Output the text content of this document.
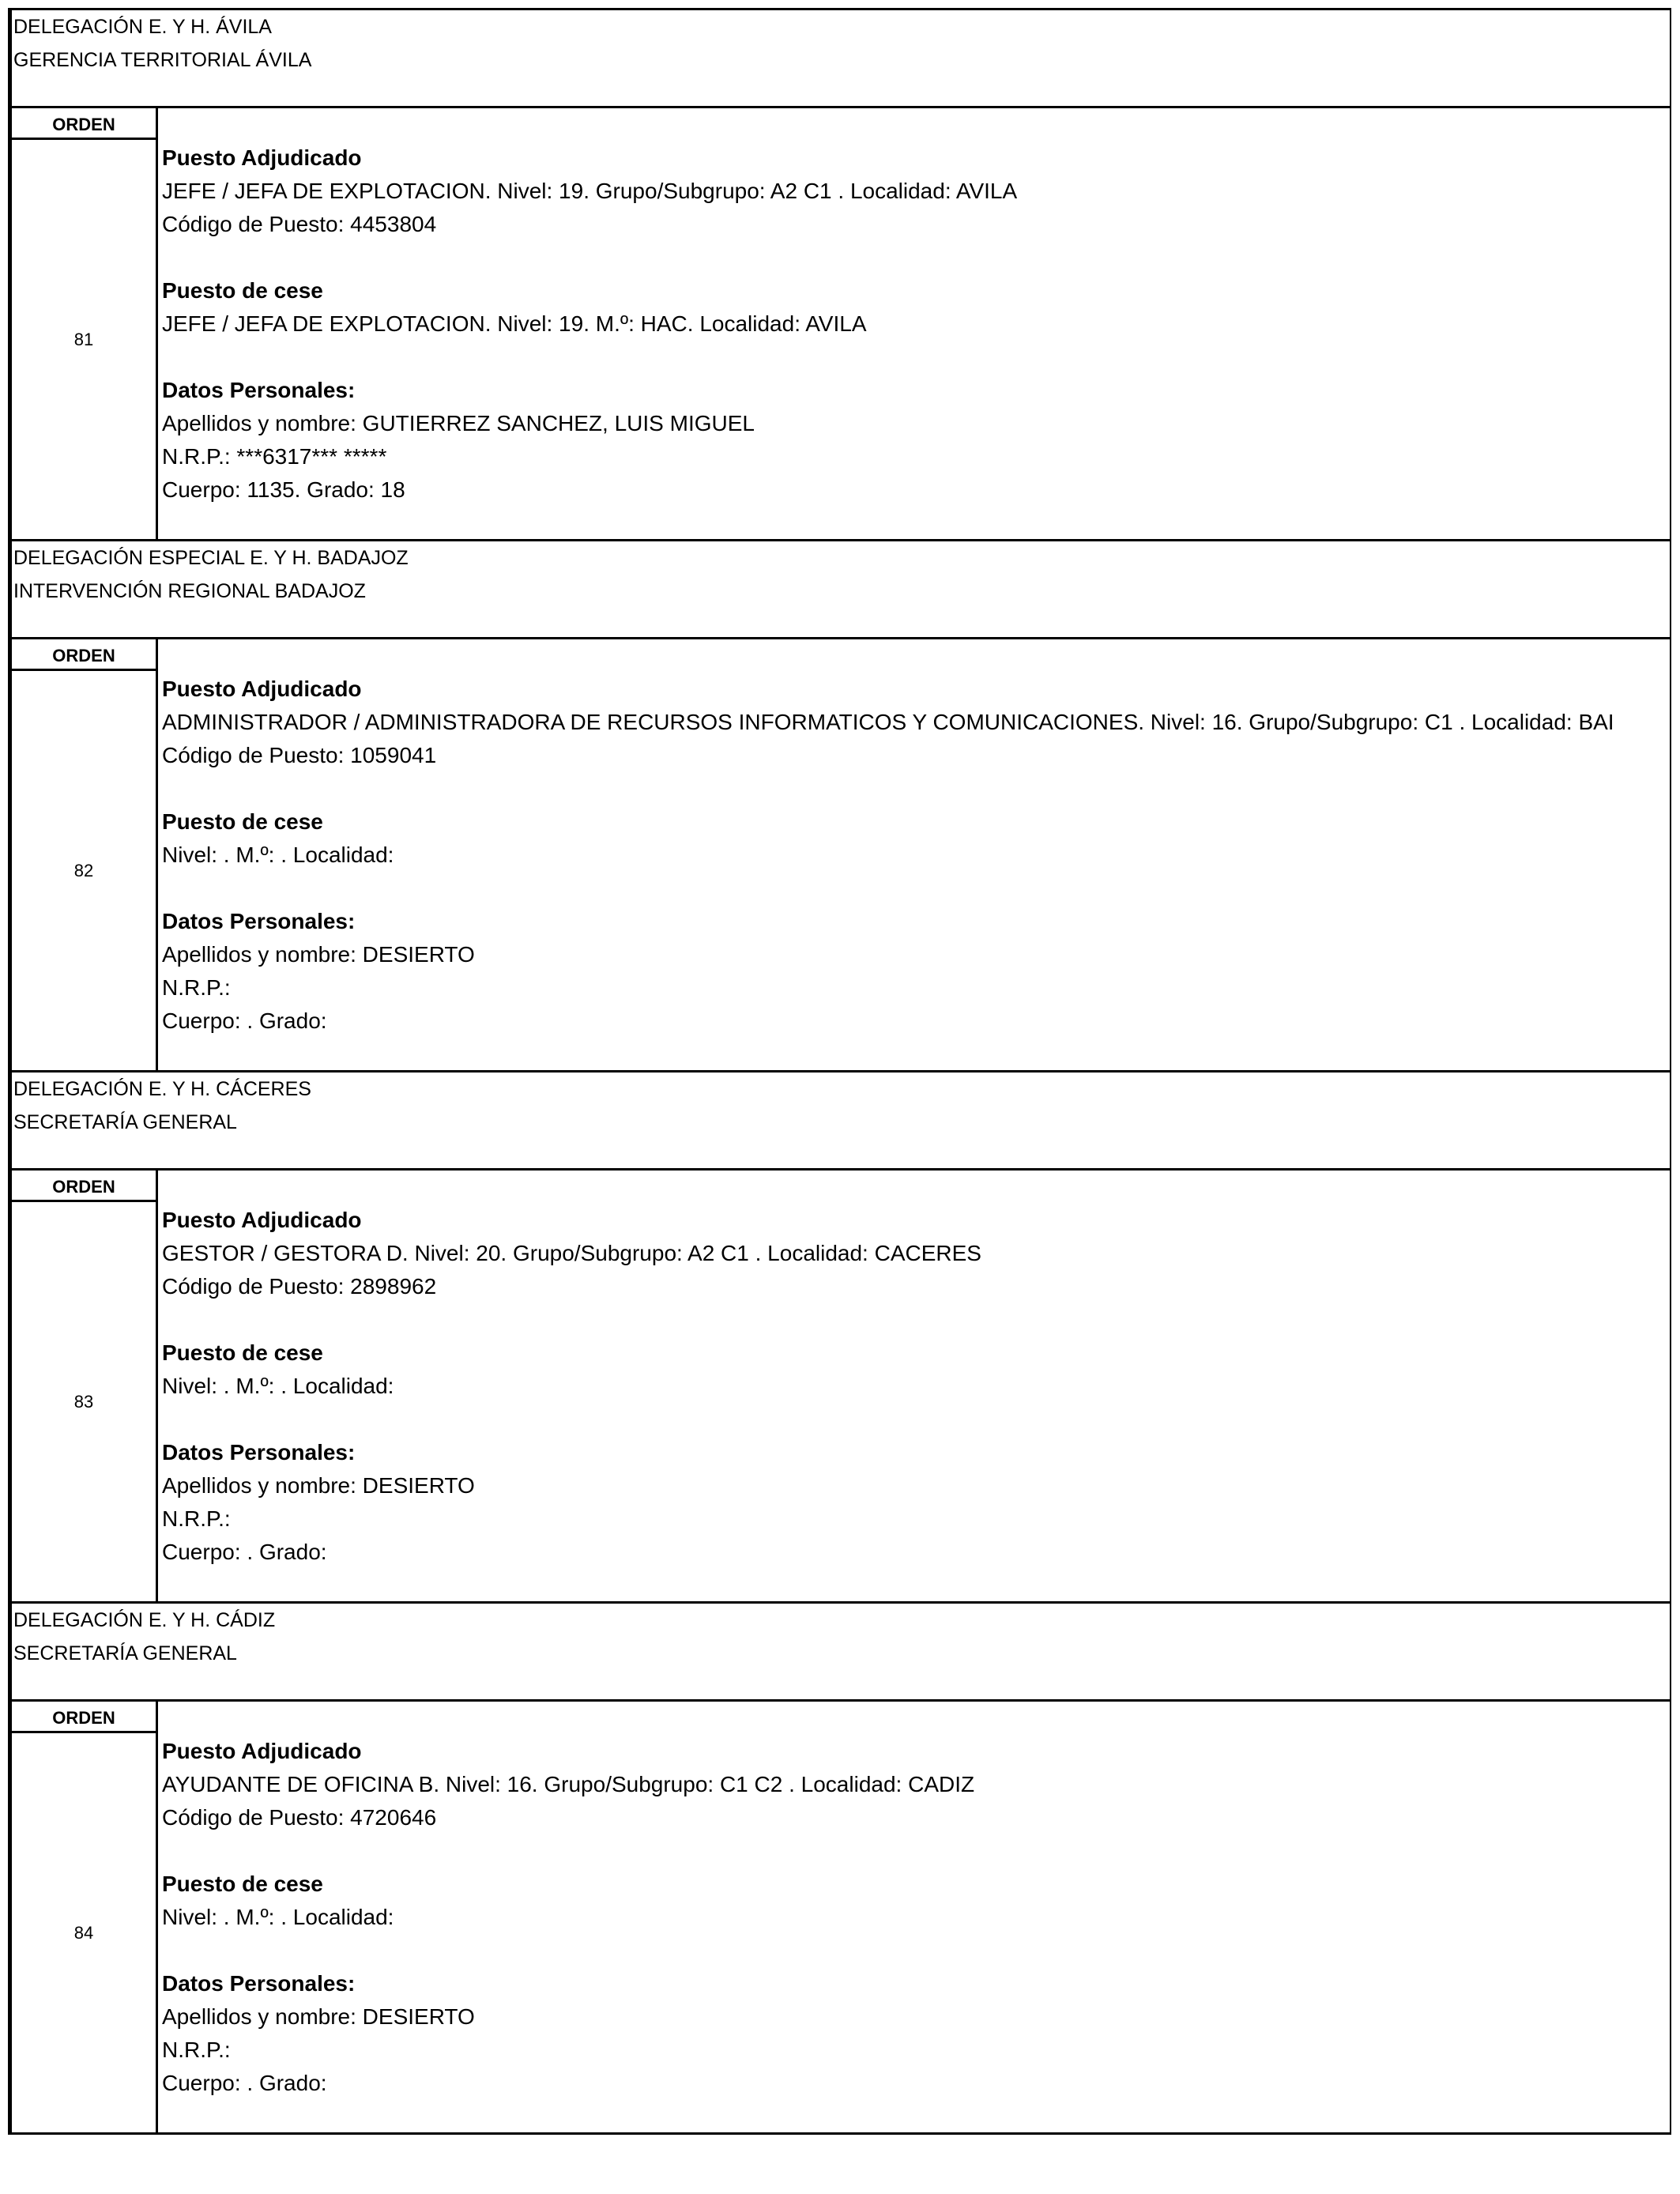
DELEGACIÓN E. Y H. ÁVILA
GERENCIA TERRITORIAL ÁVILA
ORDEN
81
Puesto Adjudicado
JEFE / JEFA DE EXPLOTACION. Nivel: 19. Grupo/Subgrupo: A2 C1 . Localidad: AVILA
Código de Puesto: 4453804
Puesto de cese
JEFE / JEFA DE EXPLOTACION. Nivel: 19. M.º: HAC. Localidad: AVILA
Datos Personales:
Apellidos y nombre: GUTIERREZ SANCHEZ, LUIS MIGUEL
N.R.P.: ***6317*** *****
Cuerpo: 1135. Grado: 18
DELEGACIÓN ESPECIAL E. Y H. BADAJOZ
INTERVENCIÓN REGIONAL BADAJOZ
ORDEN
82
Puesto Adjudicado
ADMINISTRADOR / ADMINISTRADORA DE RECURSOS INFORMATICOS Y COMUNICACIONES. Nivel: 16. Grupo/Subgrupo: C1 . Localidad: BAI
Código de Puesto: 1059041
Puesto de cese
Nivel: . M.º: . Localidad:
Datos Personales:
Apellidos y nombre: DESIERTO
N.R.P.:
Cuerpo: . Grado:
DELEGACIÓN E. Y H. CÁCERES
SECRETARÍA GENERAL
ORDEN
83
Puesto Adjudicado
GESTOR / GESTORA D. Nivel: 20. Grupo/Subgrupo: A2 C1 . Localidad: CACERES
Código de Puesto: 2898962
Puesto de cese
Nivel: . M.º: . Localidad:
Datos Personales:
Apellidos y nombre: DESIERTO
N.R.P.:
Cuerpo: . Grado:
DELEGACIÓN E. Y H. CÁDIZ
SECRETARÍA GENERAL
ORDEN
84
Puesto Adjudicado
AYUDANTE DE OFICINA B. Nivel: 16. Grupo/Subgrupo: C1 C2 . Localidad: CADIZ
Código de Puesto: 4720646
Puesto de cese
Nivel: . M.º: . Localidad:
Datos Personales:
Apellidos y nombre: DESIERTO
N.R.P.:
Cuerpo: . Grado:
